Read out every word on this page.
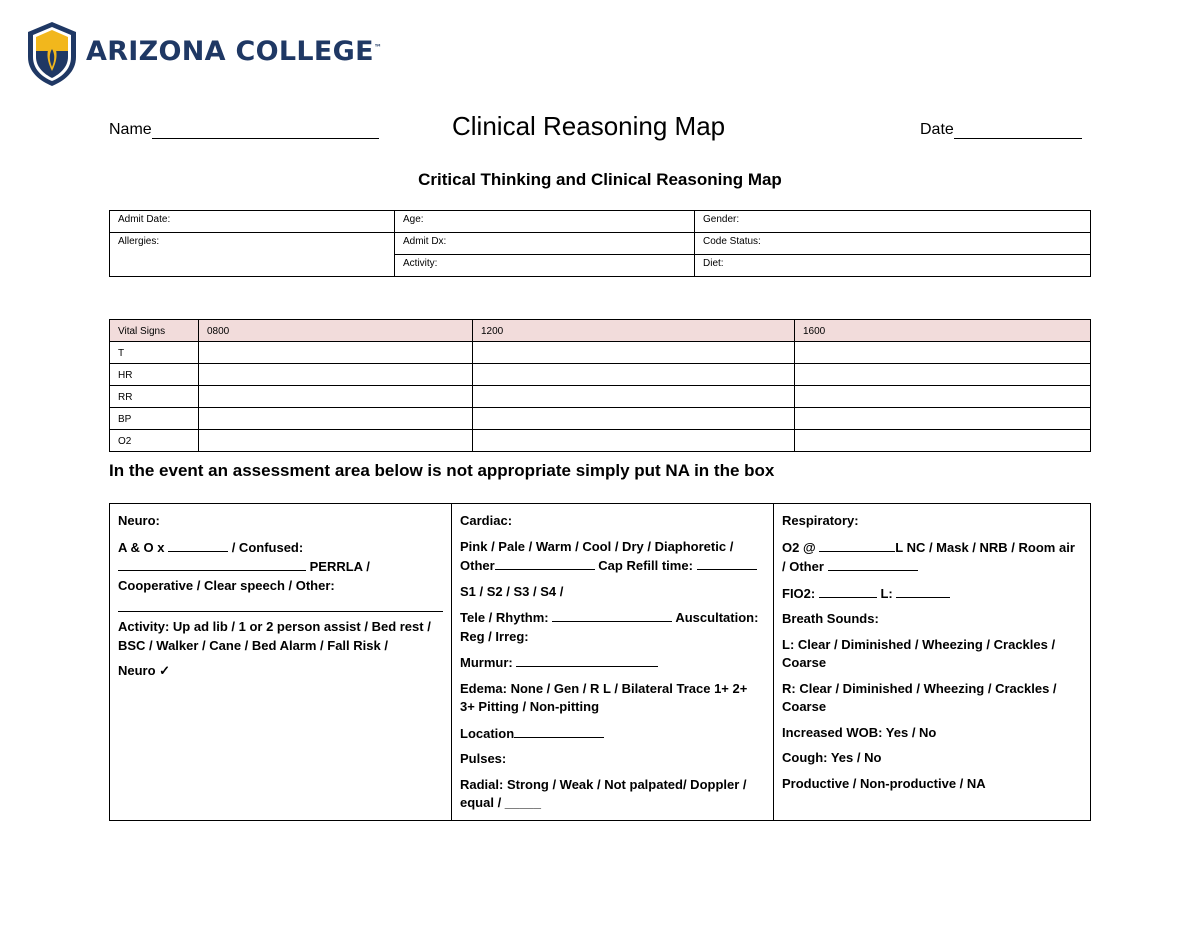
ARIZONA COLLEGE™
Name	Clinical Reasoning Map	Date
Critical Thinking and Clinical Reasoning Map
Admit Date:	Age:	Gender:
Allergies:	Admit Dx:	Code Status:
	Activity:	Diet:
Vital Signs	0800	1200	1600
T			
HR			
RR			
BP			
O2			
In the event an assessment area below is not appropriate simply put NA in the box

Neuro:

A & O x	/ Confused:
PERRLA /
Cooperative / Clear speech / Other:

Activity: Up ad lib / 1 or 2 person assist / Bed rest / BSC / Walker / Cane / Bed Alarm / Fall Risk /

Neuro ✓

Cardiac:

Pink / Pale / Warm / Cool / Dry / Diaphoretic / Other	Cap Refill time:

S1 / S2 / S3 / S4 /

Tele / Rhythm:	Auscultation: Reg / Irreg:

Murmur:

Edema: None / Gen / R L / Bilateral Trace 1+ 2+ 3+ Pitting / Non-pitting

Location

Pulses:

Radial: Strong / Weak / Not palpated/ Doppler / equal / _____

Respiratory:

O2 @	L NC / Mask / NRB / Room air / Other

FIO2:	L:

Breath Sounds:

L: Clear / Diminished / Wheezing / Crackles / Coarse

R: Clear / Diminished / Wheezing / Crackles / Coarse

Increased WOB: Yes / No

Cough: Yes / No

Productive / Non-productive / NA
